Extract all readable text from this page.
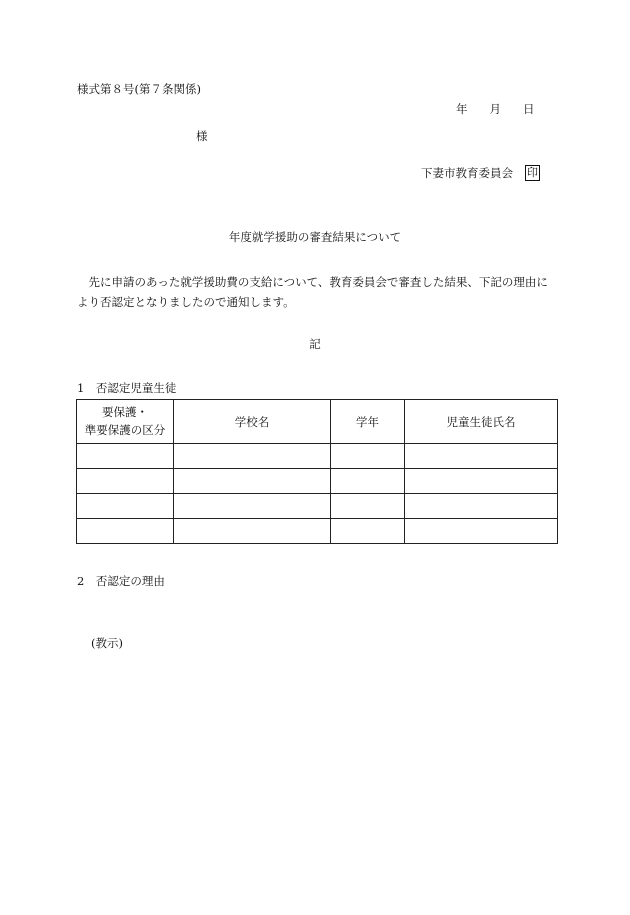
様式第８号(第７条関係)
年 月 日
様
下妻市教育委員会 印
年度就学援助の審査結果について
先に申請のあった就学援助費の支給について、教育委員会で審査した結果、下記の理由により否認定となりましたので通知します。
記
1　否認定児童生徒
要保護・
準要保護の区分	学校名	学年	児童生徒氏名

2　否認定の理由
(教示)
